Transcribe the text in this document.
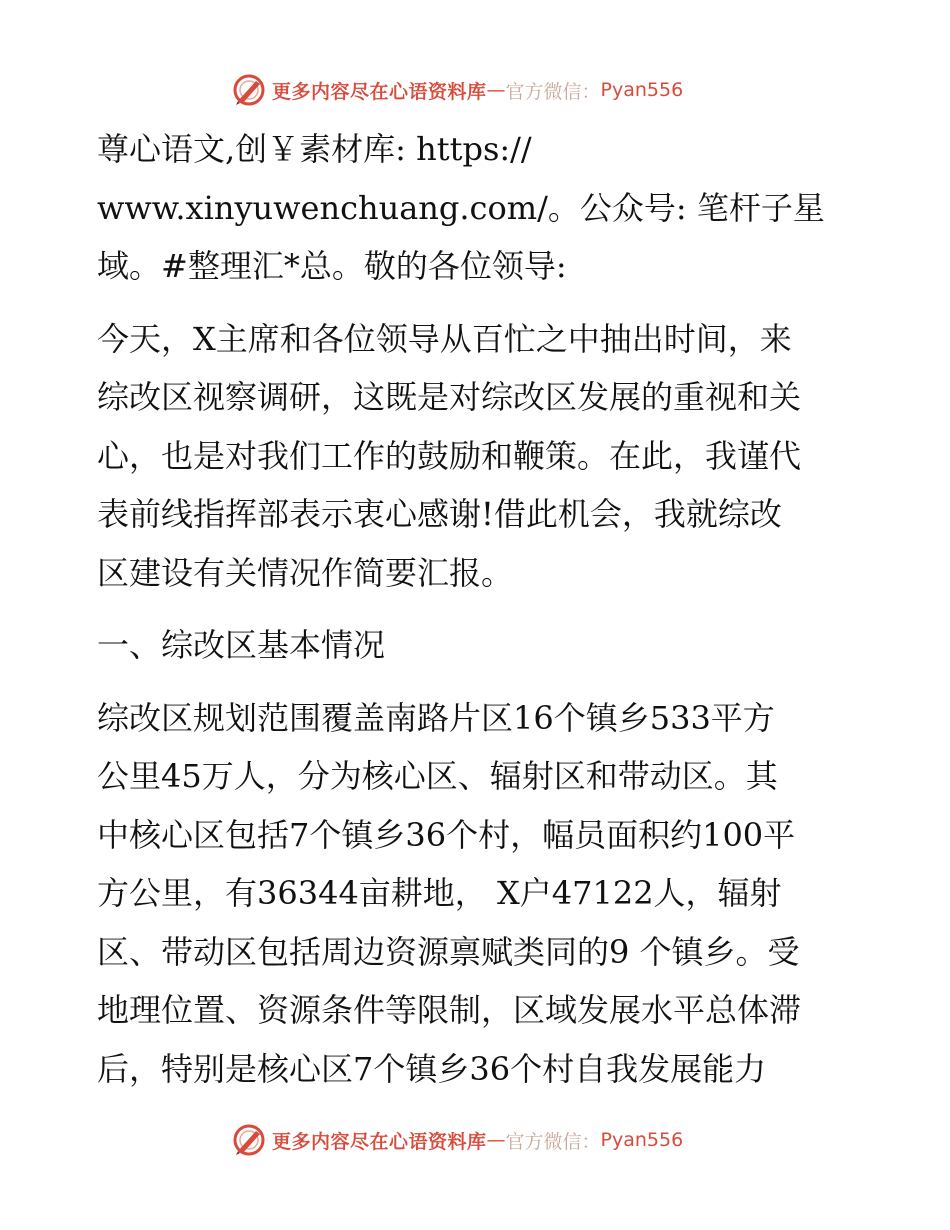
更多内容尽在心语资料库 — 官方微信： Pyan556

尊心语文,创￥素材库: https://
www.xinyuwenchuang.com/。公众号: 笔杆子星
域。#整理汇*总。敬的各位领导:

今天，X主席和各位领导从百忙之中抽出时间，来
综改区视察调研，这既是对综改区发展的重视和关
心，也是对我们工作的鼓励和鞭策。在此，我谨代
表前线指挥部表示衷心感谢!借此机会，我就综改
区建设有关情况作简要汇报。

一、综改区基本情况

综改区规划范围覆盖南路片区16个镇乡533平方
公里45万人，分为核心区、辐射区和带动区。其
中核心区包括7个镇乡36个村，幅员面积约100平
方公里，有36344亩耕地， X户47122人，辐射
区、带动区包括周边资源禀赋类同的9 个镇乡。受
地理位置、资源条件等限制，区域发展水平总体滞
后，特别是核心区7个镇乡36个村自我发展能力

更多内容尽在心语资料库 — 官方微信： Pyan556
